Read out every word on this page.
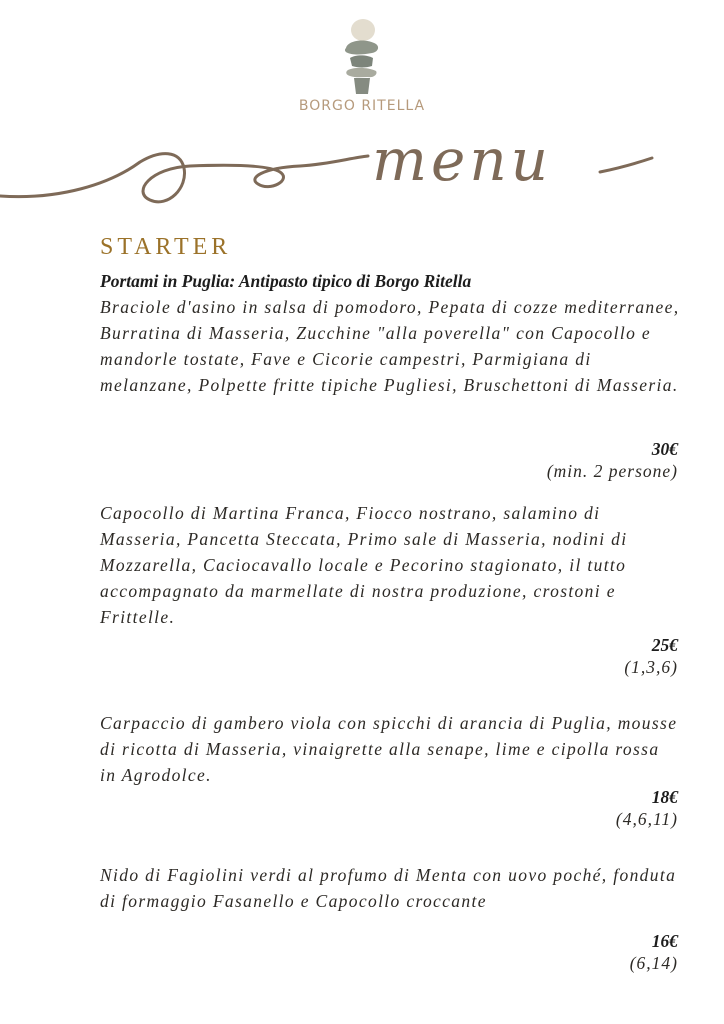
BORGO RITELLA
menu
STARTER
Portami in Puglia: Antipasto tipico di Borgo Ritella

Braciole d'asino in salsa di pomodoro, Pepata di cozze mediterranee, Burratina di Masseria, Zucchine "alla poverella" con Capocollo e mandorle tostate, Fave e Cicorie campestri, Parmigiana di melanzane, Polpette fritte tipiche Pugliesi, Bruschettoni di Masseria.

30€
(min. 2 persone)

Capocollo di Martina Franca, Fiocco nostrano, salamino di Masseria, Pancetta Steccata, Primo sale di Masseria, nodini di Mozzarella, Caciocavallo locale e Pecorino stagionato, il tutto accompagnato da marmellate di nostra produzione, crostoni e Frittelle.

25€
(1,3,6)

Carpaccio di gambero viola con spicchi di arancia di Puglia, mousse di ricotta di Masseria, vinaigrette alla senape, lime e cipolla rossa in Agrodolce.

18€
(4,6,11)

Nido di Fagiolini verdi al profumo di Menta con uovo poché, fonduta di formaggio Fasanello e Capocollo croccante

16€
(6,14)
